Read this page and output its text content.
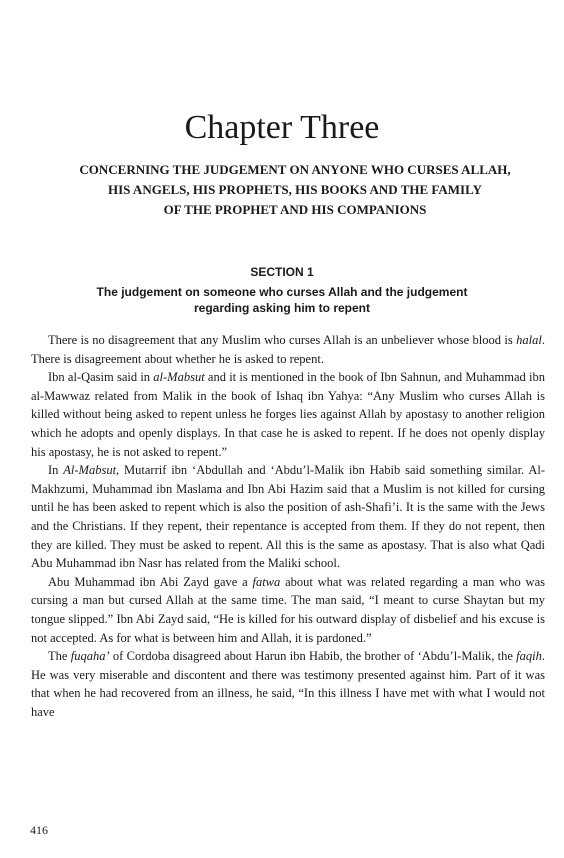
Chapter Three
CONCERNING THE JUDGEMENT ON ANYONE WHO CURSES ALLAH,
HIS ANGELS, HIS PROPHETS, HIS BOOKS AND THE FAMILY
OF THE PROPHET AND HIS COMPANIONS
SECTION 1
The judgement on someone who curses Allah and the judgement
regarding asking him to repent

There is no disagreement that any Muslim who curses Allah is an unbeliever whose blood is halal. There is disagreement about whether he is asked to repent.

Ibn al-Qasim said in al-Mabsut and it is mentioned in the book of Ibn Sahnun, and Muhammad ibn al-Mawwaz related from Malik in the book of Ishaq ibn Yahya: “Any Muslim who curses Allah is killed without being asked to repent unless he forges lies against Allah by apostasy to another religion which he adopts and openly displays. In that case he is asked to repent. If he does not openly display his apostasy, he is not asked to repent.”

In Al-Mabsut, Mutarrif ibn ‘Abdullah and ‘Abdu’l-Malik ibn Habib said something similar. Al-Makhzumi, Muhammad ibn Maslama and Ibn Abi Hazim said that a Muslim is not killed for cursing until he has been asked to repent which is also the position of ash-Shafi’i. It is the same with the Jews and the Christians. If they repent, their repentance is accepted from them. If they do not repent, then they are killed. They must be asked to repent. All this is the same as apostasy. That is also what Qadi Abu Muhammad ibn Nasr has related from the Maliki school.

Abu Muhammad ibn Abi Zayd gave a fatwa about what was related regarding a man who was cursing a man but cursed Allah at the same time. The man said, “I meant to curse Shaytan but my tongue slipped.” Ibn Abi Zayd said, “He is killed for his outward display of disbelief and his excuse is not accepted. As for what is between him and Allah, it is pardoned.”

The fuqaha’ of Cordoba disagreed about Harun ibn Habib, the brother of ‘Abdu’l-Malik, the faqih. He was very miserable and discontent and there was testimony presented against him. Part of it was that when he had recovered from an illness, he said, “In this illness I have met with what I would not have

416
